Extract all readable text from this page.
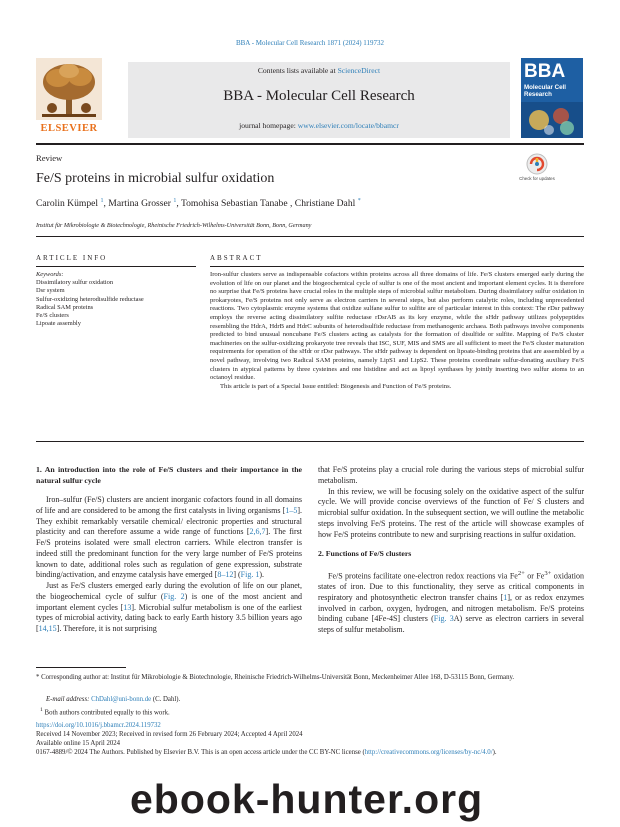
BBA - Molecular Cell Research 1871 (2024) 119732
ELSEVIER
Contents lists available at ScienceDirect
BBA - Molecular Cell Research
journal homepage: www.elsevier.com/locate/bbamcr
BBA
Molecular Cell Research
Review
Fe/S proteins in microbial sulfur oxidation	Check for updates
Carolin Kümpel $^1$, Martina Grosser $^1$, Tomohisa Sebastian Tanabe , Christiane Dahl *
Institut für Mikrobiologie & Biotechnologie, Rheinische Friedrich-Wilhelms-Universität Bonn, Bonn, Germany
ARTICLE INFO	ABSTRACT
Keywords:
Dissimilatory sulfur oxidation
Dsr system
Sulfur-oxidizing heterodisulfide reductase
Radical SAM proteins
Fe/S clusters
Lipoate assembly

Iron-sulfur clusters serve as indispensable cofactors within proteins across all three domains of life. Fe/S clusters emerged early during the evolution of life on our planet and the biogeochemical cycle of sulfur is one of the most ancient and important element cycles. It is therefore no surprise that Fe/S proteins have crucial roles in the multiple steps of microbial sulfur metabolism. During dissimilatory sulfur oxidation in prokaryotes, Fe/S proteins not only serve as electron carriers in several steps, but also perform catalytic roles, including unprecedented reactions. Two cytoplasmic enzyme systems that oxidize sulfane sulfur to sulfite are of particular interest in this context: The rDsr pathway employs the reverse acting dissimilatory sulfite reductase rDsrAB as its key enzyme, while the sHdr pathway utilizes polypeptides resembling the HdrA, HdrB and HdrC subunits of heterodisulfide reductase from methanogenic archaea. Both pathways involve components predicted to bind unusual noncubane Fe/S clusters acting as catalysts for the formation of disulfide or sulfite. Mapping of Fe/S cluster machineries on the sulfur-oxidizing prokaryote tree reveals that ISC, SUF, MIS and SMS are all sufficient to meet the Fe/S cluster maturation requirements for operation of the sHdr or rDsr pathways. The sHdr pathway is dependent on lipoate-binding proteins that are assembled by a novel pathway, involving two Radical SAM proteins, namely LipS1 and LipS2. These proteins coordinate sulfur-donating auxiliary Fe/S clusters in atypical patterns by three cysteines and one histidine and act as lipoyl synthases by jointly inserting two sulfur atoms to an octanoyl residue.

This article is part of a Special Issue entitled: Biogenesis and Function of Fe/S proteins.

1. An introduction into the role of Fe/S clusters and their importance in the natural sulfur cycle

Iron–sulfur (Fe/S) clusters are ancient inorganic cofactors found in all domains of life and are considered to be among the first catalysts in living organisms [1–5]. They exhibit remarkably versatile chemical/ electronic properties and structural plasticity and can therefore assume a wide range of functions [2,6,7]. The first Fe/S proteins isolated were small electron carriers. While electron transfer is indeed still the predominant function for the very large number of Fe/S proteins known to date, additional roles such as regulation of gene expression, substrate binding/activation, and enzyme catalysis have emerged [8–12] (Fig. 1).

Just as Fe/S clusters emerged early during the evolution of life on our planet, the biogeochemical cycle of sulfur (Fig. 2) is one of the most ancient and important element cycles [13]. Microbial sulfur metabolism is one of the earliest types of microbial activity, dating back to early Earth history 3.5 billion years ago [14,15]. Therefore, it is not surprising

that Fe/S proteins play a crucial role during the various steps of microbial sulfur metabolism.

In this review, we will be focusing solely on the oxidative aspect of the sulfur cycle. We will provide concise overviews of the function of Fe/ S clusters and microbial sulfur oxidation. In the subsequent section, we will outline the metabolic steps involving Fe/S proteins. The rest of the article will showcase examples of how Fe/S proteins contribute to new and surprising reactions in sulfur oxidation.

2. Functions of Fe/S clusters

Fe/S proteins facilitate one-electron redox reactions via $Fe^{2+}$ or $Fe^{3+}$ oxidation states of iron. Due to this functionality, they serve as critical components in respiratory and photosynthetic electron transfer chains [1], or as redox enzymes involved in carbon, oxygen, hydrogen, and nitrogen metabolism. Fe/S proteins binding cubane [4Fe-4S] clusters (Fig. 3A) serve as electron carriers in several steps of sulfur metabolism.

* Corresponding author at: Institut für Mikrobiologie & Biotechnologie, Rheinische Friedrich-Wilhelms-Universität Bonn, Meckenheimer Allee 168, D-53115 Bonn, Germany.
E-mail address: ChDahl@uni-bonn.de (C. Dahl).
$^1$ Both authors contributed equally to this work.
https://doi.org/10.1016/j.bbamcr.2024.119732
Received 14 November 2023; Received in revised form 26 February 2024; Accepted 4 April 2024
Available online 15 April 2024
0167-4889/© 2024 The Authors. Published by Elsevier B.V. This is an open access article under the CC BY-NC license (http://creativecommons.org/licenses/by-nc/4.0/).
ebook-hunter.org
